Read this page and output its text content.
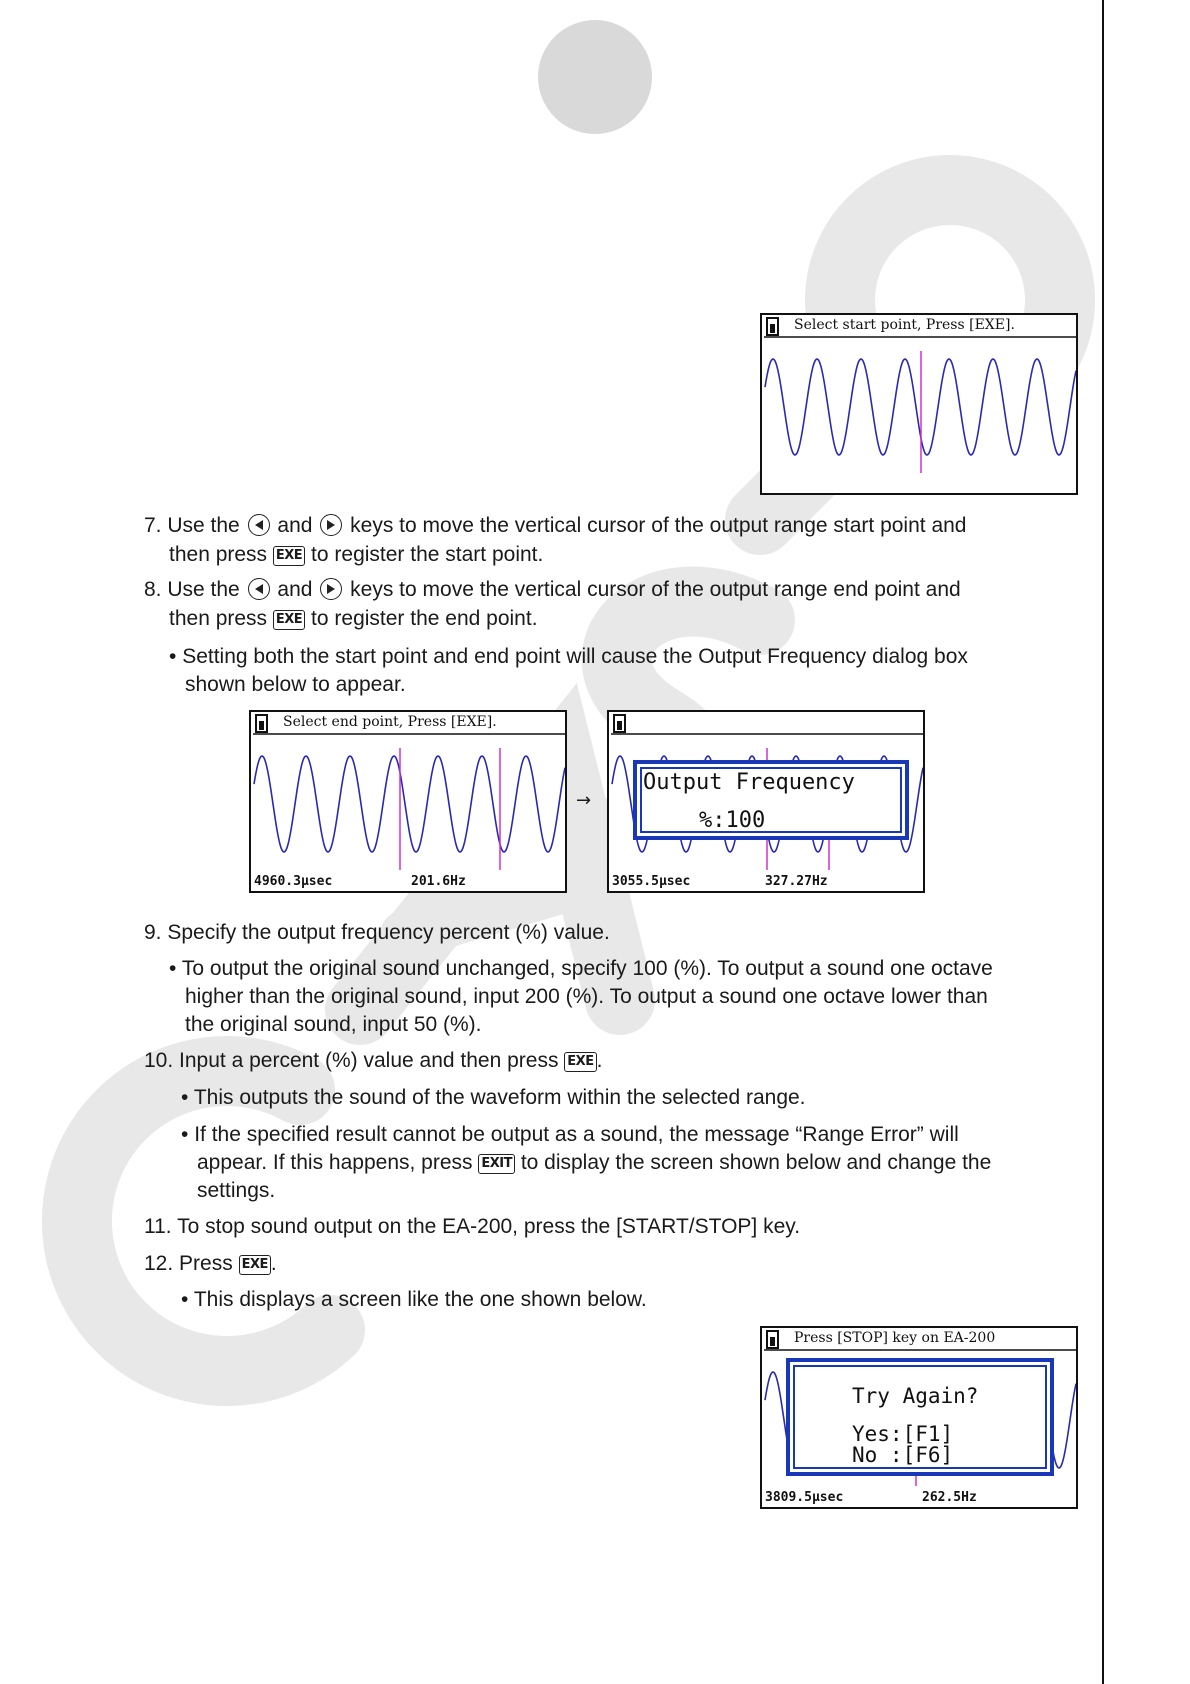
Select start point, Press [EXE].
7. Use the and keys to move the vertical cursor of the output range start point and
then press EXE to register the start point.
8. Use the and keys to move the vertical cursor of the output range end point and
then press EXE to register the end point.
• Setting both the start point and end point will cause the Output Frequency dialog box
shown below to appear.
Select end point, Press [EXE].
4960.3μsec	201.6Hz
→
Output Frequency
%:100
3055.5μsec	327.27Hz
9. Specify the output frequency percent (%) value.
• To output the original sound unchanged, specify 100 (%). To output a sound one octave
higher than the original sound, input 200 (%). To output a sound one octave lower than
the original sound, input 50 (%).
10. Input a percent (%) value and then press EXE .
• This outputs the sound of the waveform within the selected range.
• If the specified result cannot be output as a sound, the message “Range Error” will
appear. If this happens, press EXIT to display the screen shown below and change the
settings.
11. To stop sound output on the EA-200, press the [START/STOP] key.
12. Press EXE .
• This displays a screen like the one shown below.
Try Again?
Yes:[F1]
No :[F6]
Press [STOP] key on EA-200
3809.5μsec	262.5Hz
